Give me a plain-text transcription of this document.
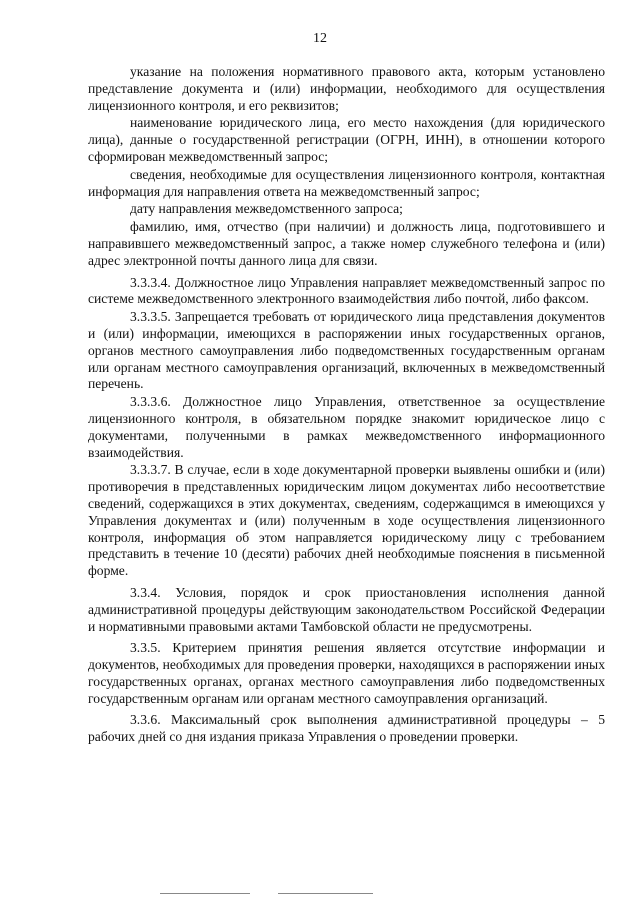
12

указание на положения нормативного правового акта, которым установлено представление документа и (или) информации, необходимого для осуществления лицензионного контроля, и его реквизитов;

наименование юридического лица, его место нахождения (для юридического лица), данные о государственной регистрации (ОГРН, ИНН), в отношении которого сформирован межведомственный запрос;

сведения, необходимые для осуществления лицензионного контроля, контактная информация для направления ответа на межведомственный запрос;

дату направления межведомственного запроса;

фамилию, имя, отчество (при наличии) и должность лица, подготовившего и направившего межведомственный запрос, а также номер служебного телефона и (или) адрес электронной почты данного лица для связи.

3.3.3.4. Должностное лицо Управления направляет межведомственный запрос по системе межведомственного электронного взаимодействия либо почтой, либо факсом.

3.3.3.5. Запрещается требовать от юридического лица представления документов и (или) информации, имеющихся в распоряжении иных государственных органов, органов местного самоуправления либо подведомственных государственным органам или органам местного самоуправления организаций, включенных в межведомственный перечень.

3.3.3.6. Должностное лицо Управления, ответственное за осуществление лицензионного контроля, в обязательном порядке знакомит юридическое лицо с документами, полученными в рамках межведомственного информационного взаимодействия.

3.3.3.7. В случае, если в ходе документарной проверки выявлены ошибки и (или) противоречия в представленных юридическим лицом документах либо несоответствие сведений, содержащихся в этих документах, сведениям, содержащимся в имеющихся у Управления документах и (или) полученным в ходе осуществления лицензионного контроля, информация об этом направляется юридическому лицу с требованием представить в течение 10 (десяти) рабочих дней необходимые пояснения в письменной форме.

3.3.4. Условия, порядок и срок приостановления исполнения данной административной процедуры действующим законодательством Российской Федерации и нормативными правовыми актами Тамбовской области не предусмотрены.

3.3.5. Критерием принятия решения является отсутствие информации и документов, необходимых для проведения проверки, находящихся в распоряжении иных государственных органах, органах местного самоуправления либо подведомственных государственным органам или органам местного самоуправления организаций.

3.3.6. Максимальный срок выполнения административной процедуры – 5 рабочих дней со дня издания приказа Управления о проведении проверки.
